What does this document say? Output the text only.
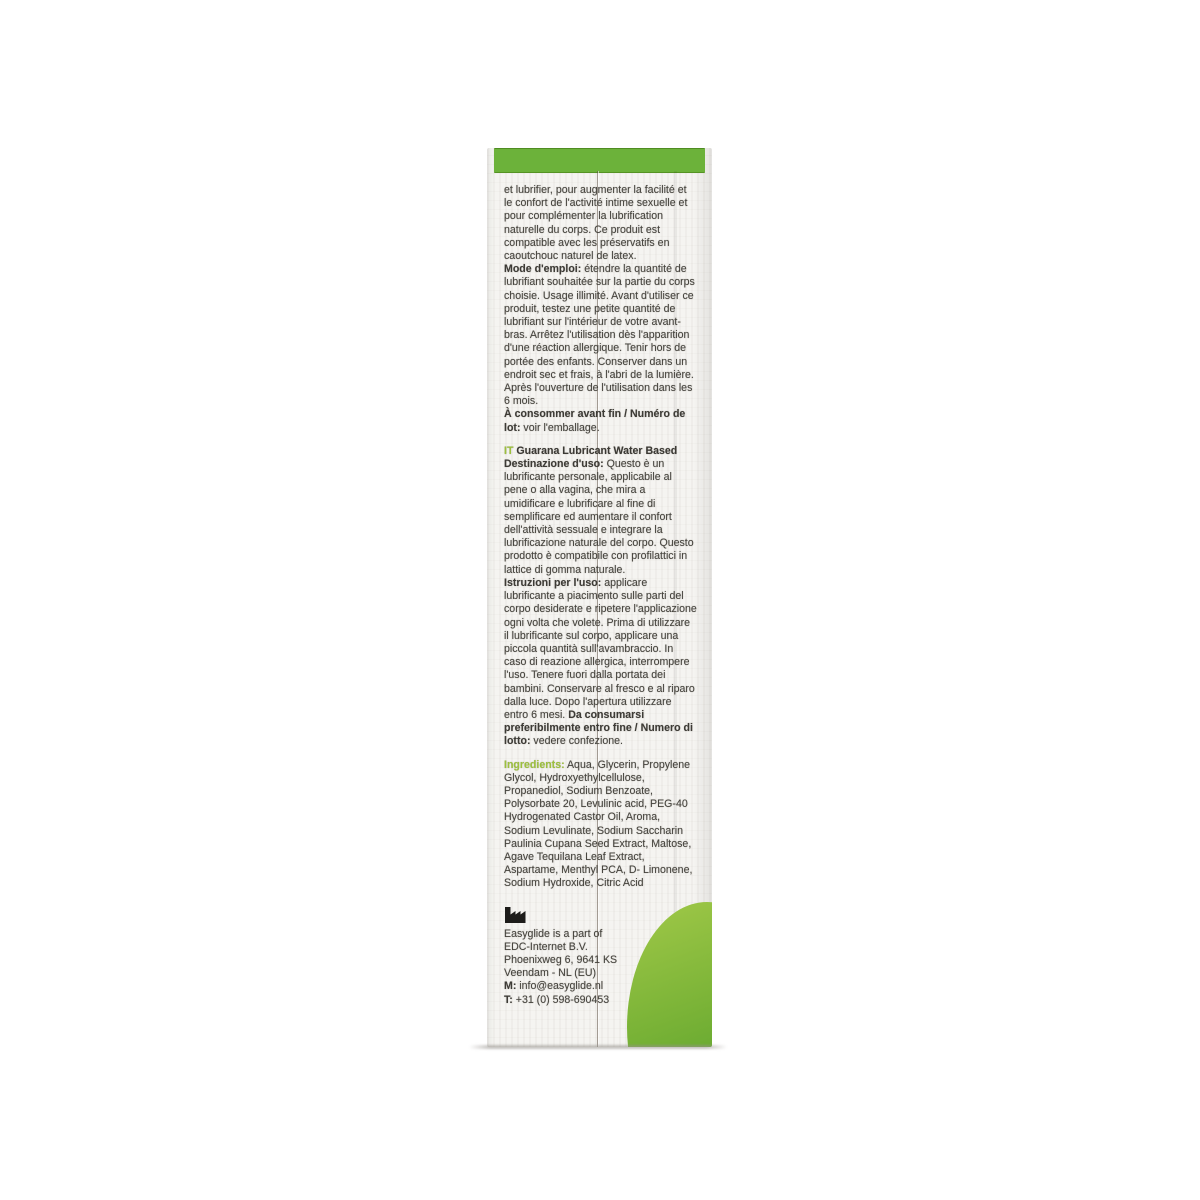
et lubrifier, pour augmenter la facilité et le confort de l'activité intime sexuelle et pour complémenter la lubrification naturelle du corps. Ce produit est compatible avec les préservatifs en caoutchouc naturel de latex.

Mode d'emploi: étendre la quantité de lubrifiant souhaitée sur la partie du corps choisie. Usage illimité. Avant d'utiliser ce produit, testez une petite quantité de lubrifiant sur l'intérieur de votre avant-bras. Arrêtez l'utilisation dès l'apparition d'une réaction allergique. Tenir hors de portée des enfants. Conserver dans un endroit sec et frais, à l'abri de la lumière. Après l'ouverture de l'utilisation dans les 6 mois.

À consommer avant fin / Numéro de lot: voir l'emballage.

IT Guarana Lubricant Water Based

Destinazione d'uso: Questo è un lubrificante personale, applicabile al pene o alla vagina, che mira a umidificare e lubrificare al fine di semplificare ed aumentare il confort dell'attività sessuale e integrare la lubrificazione naturale del corpo. Questo prodotto è compatibile con profilattici in lattice di gomma naturale.

Istruzioni per l'uso: applicare lubrificante a piacimento sulle parti del corpo desiderate e ripetere l'applicazione ogni volta che volete. Prima di utilizzare il lubrificante sul corpo, applicare una piccola quantità sull'avambraccio. In caso di reazione allergica, interrompere l'uso. Tenere fuori dalla portata dei bambini. Conservare al fresco e al riparo dalla luce. Dopo l'apertura utilizzare entro 6 mesi. Da consumarsi preferibilmente entro fine / Numero di lotto: vedere confezione.

Ingredients: Aqua, Glycerin, Propylene Glycol, Hydroxyethylcellulose, Propanediol, Sodium Benzoate, Polysorbate 20, Levulinic acid, PEG-40 Hydrogenated Castor Oil, Aroma, Sodium Levulinate, Sodium Saccharin Paulinia Cupana Seed Extract, Maltose, Agave Tequilana Leaf Extract, Aspartame, Menthyl PCA, D- Limonene, Sodium Hydroxide, Citric Acid

Easyglide is a part of
EDC-Internet B.V.
Phoenixweg 6, 9641 KS
Veendam - NL (EU)
M: info@easyglide.nl
T: +31 (0) 598-690453
